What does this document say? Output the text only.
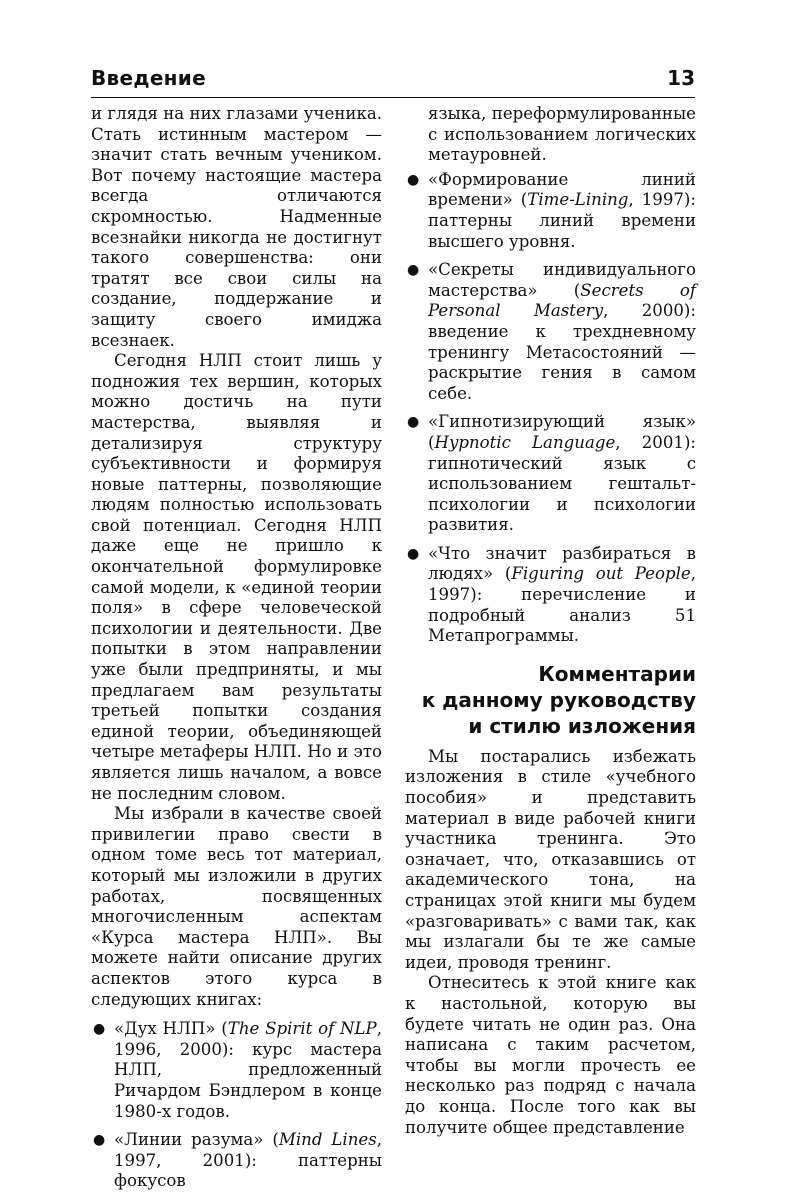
Введение	13

и глядя на них глазами ученика. Стать истинным мастером — значит стать вечным учеником. Вот почему настоящие мастера всегда отличаются скромностью. Надменные всезнайки никогда не достигнут такого совершенства: они тратят все свои силы на создание, поддержание и защиту своего имиджа всезнаек.

Сегодня НЛП стоит лишь у подножия тех вершин, которых можно достичь на пути мастерства, выявляя и детализируя структуру субъективности и формируя новые паттерны, позволяющие людям полностью использовать свой потенциал. Сегодня НЛП даже еще не пришло к окончательной формулировке самой модели, к «единой теории поля» в сфере человеческой психологии и деятельности. Две попытки в этом направлении уже были предприняты, и мы предлагаем вам результаты третьей попытки создания единой теории, объединяющей четыре метаферы НЛП. Но и это является лишь началом, а вовсе не последним словом.

Мы избрали в качестве своей привилегии право свести в одном томе весь тот материал, который мы изложили в других работах, посвященных многочисленным аспектам «Курса мастера НЛП». Вы можете найти описание других аспектов этого курса в следующих книгах:

● «Дух НЛП» (The Spirit of NLP, 1996, 2000): курс мастера НЛП, предложенный Ричардом Бэндлером в конце 1980-х годов.
● «Линии разума» (Mind Lines, 1997, 2001): паттерны фокусов

языка, переформулированные с использованием логических метауровней.

● «Формирование линий времени» (Time-Lining, 1997): паттерны линий времени высшего уровня.
● «Секреты индивидуального мастерства» (Secrets of Personal Mastery, 2000): введение к трехдневному тренингу Метасостояний — раскрытие гения в самом себе.
● «Гипнотизирующий язык» (Hypnotic Language, 2001): гипнотический язык с использованием гештальт-психологии и психологии развития.
● «Что значит разбираться в людях» (Figuring out People, 1997): перечисление и подробный анализ 51 Метапрограммы.
Комментарии
к данному руководству
и стилю изложения

Мы постарались избежать изложения в стиле «учебного пособия» и представить материал в виде рабочей книги участника тренинга. Это означает, что, отказавшись от академического тона, на страницах этой книги мы будем «разговаривать» с вами так, как мы излагали бы те же самые идеи, проводя тренинг.

Отнеситесь к этой книге как к настольной, которую вы будете читать не один раз. Она написана с таким расчетом, чтобы вы могли прочесть ее несколько раз подряд с начала до конца. После того как вы получите общее представление
